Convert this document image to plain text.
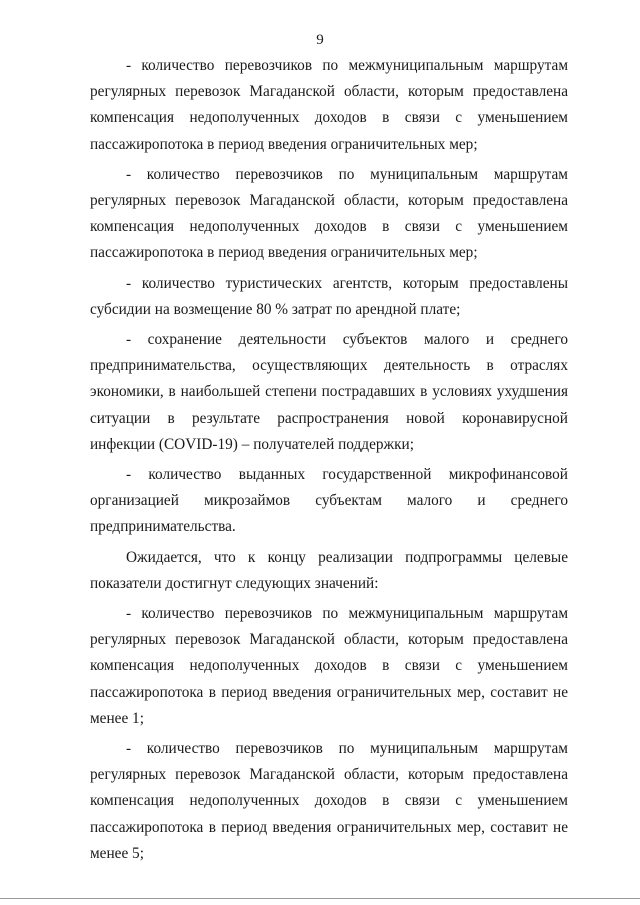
9

- количество перевозчиков по межмуниципальным маршрутам регулярных перевозок Магаданской области, которым предоставлена компенсация недополученных доходов в связи с уменьшением пассажиропотока в период введения ограничительных мер;

- количество перевозчиков по муниципальным маршрутам регулярных перевозок Магаданской области, которым предоставлена компенсация недополученных доходов в связи с уменьшением пассажиропотока в период введения ограничительных мер;

- количество туристических агентств, которым предоставлены субсидии на возмещение 80 % затрат по арендной плате;

- сохранение деятельности субъектов малого и среднего предпринимательства, осуществляющих деятельность в отраслях экономики, в наибольшей степени пострадавших в условиях ухудшения ситуации в результате распространения новой коронавирусной инфекции (COVID-19) – получателей поддержки;

- количество выданных государственной микрофинансовой организацией микрозаймов субъектам малого и среднего предпринимательства.

Ожидается, что к концу реализации подпрограммы целевые показатели достигнут следующих значений:

- количество перевозчиков по межмуниципальным маршрутам регулярных перевозок Магаданской области, которым предоставлена компенсация недополученных доходов в связи с уменьшением пассажиропотока в период введения ограничительных мер, составит не менее 1;

- количество перевозчиков по муниципальным маршрутам регулярных перевозок Магаданской области, которым предоставлена компенсация недополученных доходов в связи с уменьшением пассажиропотока в период введения ограничительных мер, составит не менее 5;
